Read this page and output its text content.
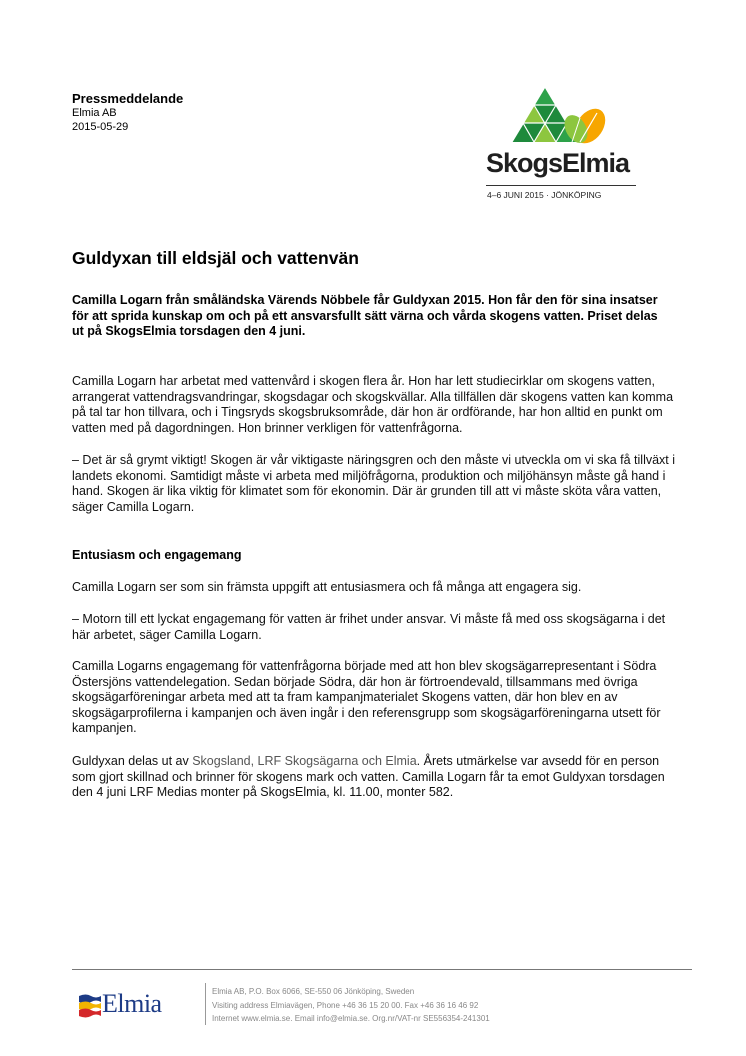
Pressmeddelande
Elmia AB
2015-05-29
SkogsElmia
4–6 JUNI 2015 · JÖNKÖPING
Guldyxan till eldsjäl och vattenvän
Camilla Logarn från småländska Värends Nöbbele får Guldyxan 2015. Hon får den för sina insatser för att sprida kunskap om och på ett ansvarsfullt sätt värna och vårda skogens vatten. Priset delas ut på SkogsElmia torsdagen den 4 juni.
Camilla Logarn har arbetat med vattenvård i skogen flera år. Hon har lett studiecirklar om skogens vatten, arrangerat vattendragsvandringar, skogsdagar och skogskvällar. Alla tillfällen där skogens vatten kan komma på tal tar hon tillvara, och i Tingsryds skogsbruksområde, där hon är ordförande, har hon alltid en punkt om vatten med på dagordningen. Hon brinner verkligen för vattenfrågorna.
– Det är så grymt viktigt! Skogen är vår viktigaste näringsgren och den måste vi utveckla om vi ska få tillväxt i landets ekonomi. Samtidigt måste vi arbeta med miljöfrågorna, produktion och miljöhänsyn måste gå hand i hand. Skogen är lika viktig för klimatet som för ekonomin. Där är grunden till att vi måste sköta våra vatten, säger Camilla Logarn.
Entusiasm och engagemang
Camilla Logarn ser som sin främsta uppgift att entusiasmera och få många att engagera sig.
– Motorn till ett lyckat engagemang för vatten är frihet under ansvar. Vi måste få med oss skogsägarna i det här arbetet, säger Camilla Logarn.
Camilla Logarns engagemang för vattenfrågorna började med att hon blev skogsägarrepresentant i Södra Östersjöns vattendelegation. Sedan började Södra, där hon är förtroendevald, tillsammans med övriga skogsägarföreningar arbeta med att ta fram kampanjmaterialet Skogens vatten, där hon blev en av skogsägarprofilerna i kampanjen och även ingår i den referensgrupp som skogsägarföreningarna utsett för kampanjen.
Guldyxan delas ut av Skogsland, LRF Skogsägarna och Elmia. Årets utmärkelse var avsedd för en person som gjort skillnad och brinner för skogens mark och vatten. Camilla Logarn får ta emot Guldyxan torsdagen den 4 juni LRF Medias monter på SkogsElmia, kl. 11.00, monter 582.
Elmia	Elmia AB, P.O. Box 6066, SE-550 06 Jönköping, Sweden
Visiting address Elmiavägen, Phone +46 36 15 20 00. Fax +46 36 16 46 92
Internet www.elmia.se. Email info@elmia.se. Org.nr/VAT-nr SE556354-241301
